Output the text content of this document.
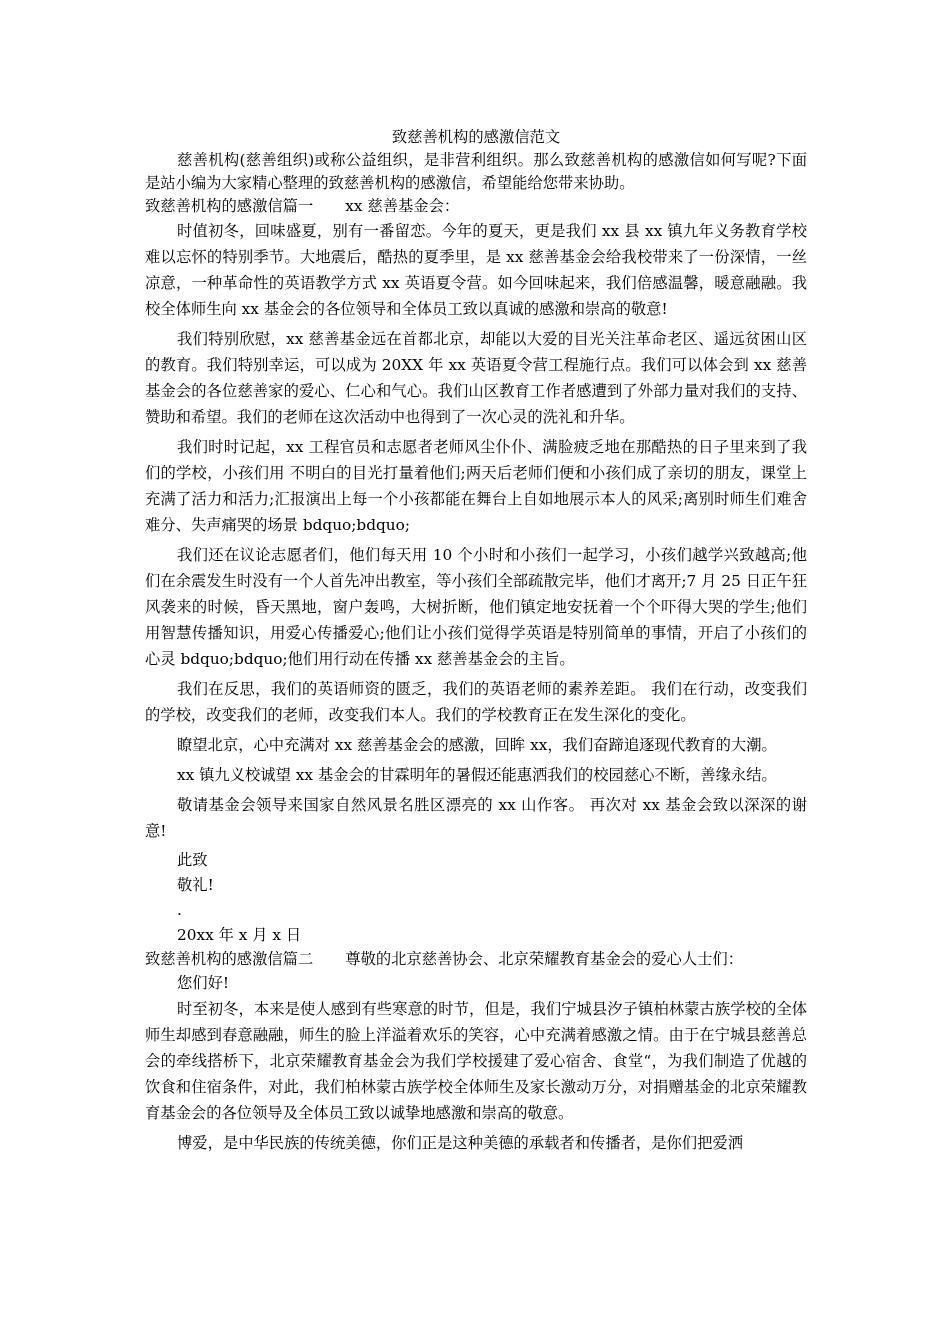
致慈善机构的感激信范文

慈善机构(慈善组织)或称公益组织，是非营利组织。那么致慈善机构的感激信如何写呢?下面是站小编为大家精心整理的致慈善机构的感激信，希望能给您带来协助。

致慈善机构的感激信篇一 xx 慈善基金会：

时值初冬，回味盛夏，别有一番留恋。今年的夏天，更是我们 xx 县 xx 镇九年义务教育学校难以忘怀的特别季节。大地震后，酷热的夏季里，是 xx 慈善基金会给我校带来了一份深情，一丝凉意，一种革命性的英语教学方式 xx 英语夏令营。如今回味起来，我们倍感温馨，暖意融融。我校全体师生向 xx 基金会的各位领导和全体员工致以真诚的感激和崇高的敬意!

我们特别欣慰，xx 慈善基金远在首都北京，却能以大爱的目光关注革命老区、遥远贫困山区的教育。我们特别幸运，可以成为 20XX 年 xx 英语夏令营工程施行点。我们可以体会到 xx 慈善基金会的各位慈善家的爱心、仁心和气心。我们山区教育工作者感遭到了外部力量对我们的支持、赞助和希望。我们的老师在这次活动中也得到了一次心灵的洗礼和升华。

我们时时记起，xx 工程官员和志愿者老师风尘仆仆、满脸疲乏地在那酷热的日子里来到了我们的学校，小孩们用 不明白的目光打量着他们;两天后老师们便和小孩们成了亲切的朋友，课堂上充满了活力和活力;汇报演出上每一个小孩都能在舞台上自如地展示本人的风采;离别时师生们难舍难分、失声痛哭的场景 bdquo;bdquo;

我们还在议论志愿者们，他们每天用 10 个小时和小孩们一起学习，小孩们越学兴致越高;他们在余震发生时没有一个人首先冲出教室，等小孩们全部疏散完毕，他们才离开;7 月 25 日正午狂风袭来的时候，昏天黑地，窗户轰鸣，大树折断，他们镇定地安抚着一个个吓得大哭的学生;他们用智慧传播知识，用爱心传播爱心;他们让小孩们觉得学英语是特别简单的事情，开启了小孩们的心灵 bdquo;bdquo;他们用行动在传播 xx 慈善基金会的主旨。

我们在反思，我们的英语师资的匮乏，我们的英语老师的素养差距。 我们在行动，改变我们的学校，改变我们的老师，改变我们本人。我们的学校教育正在发生深化的变化。

瞭望北京，心中充满对 xx 慈善基金会的感激，回眸 xx，我们奋蹄追逐现代教育的大潮。

xx 镇九义校诚望 xx 基金会的甘霖明年的暑假还能惠洒我们的校园慈心不断，善缘永结。

敬请基金会领导来国家自然风景名胜区漂亮的 xx 山作客。 再次对 xx 基金会致以深深的谢意!

此致

敬礼!

.

20xx 年 x 月 x 日

致慈善机构的感激信篇二 尊敬的北京慈善协会、北京荣耀教育基金会的爱心人士们：

您们好!

时至初冬，本来是使人感到有些寒意的时节，但是，我们宁城县汐子镇柏林蒙古族学校的全体师生却感到春意融融，师生的脸上洋溢着欢乐的笑容，心中充满着感激之情。由于在宁城县慈善总会的牵线搭桥下，北京荣耀教育基金会为我们学校援建了爱心宿舍、食堂“，为我们制造了优越的饮食和住宿条件，对此，我们柏林蒙古族学校全体师生及家长激动万分，对捐赠基金的北京荣耀教育基金会的各位领导及全体员工致以诚挚地感激和崇高的敬意。

博爱，是中华民族的传统美德，你们正是这种美德的承载者和传播者，是你们把爱洒
